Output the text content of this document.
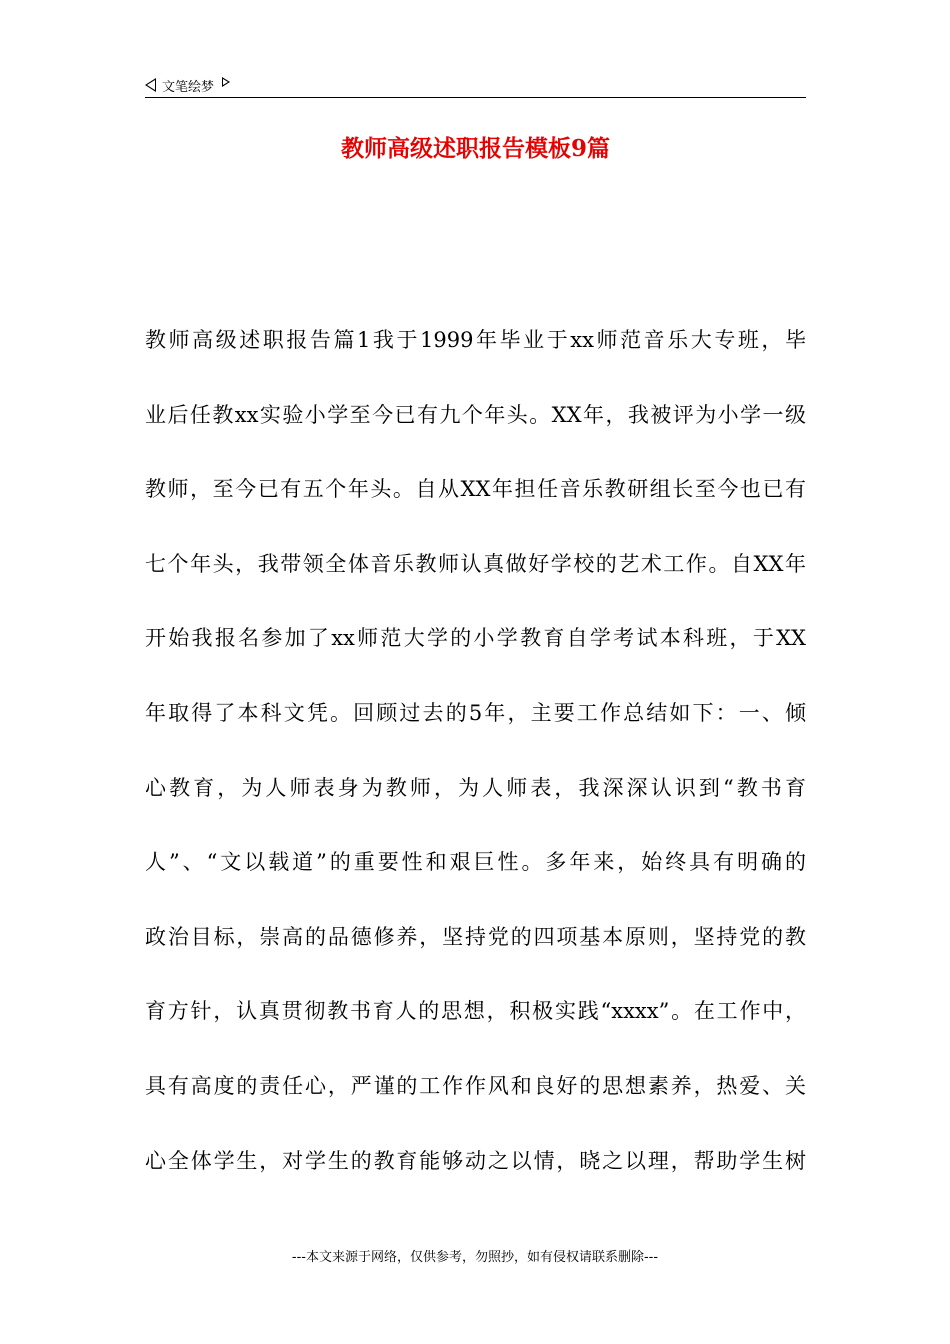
文笔绘梦
教师高级述职报告模板9篇
教师高级述职报告篇1我于1999年毕业于xx师范音乐大专班，毕
业后任教xx实验小学至今已有九个年头。XX年，我被评为小学一级
教师，至今已有五个年头。自从XX年担任音乐教研组长至今也已有
七个年头，我带领全体音乐教师认真做好学校的艺术工作。自XX年
开始我报名参加了xx师范大学的小学教育自学考试本科班，于XX
年取得了本科文凭。回顾过去的5年，主要工作总结如下：一、倾
心教育，为人师表身为教师，为人师表，我深深认识到“教书育
人”、“文以载道”的重要性和艰巨性。多年来，始终具有明确的
政治目标，崇高的品德修养，坚持党的四项基本原则，坚持党的教
育方针，认真贯彻教书育人的思想，积极实践“xxxx”。在工作中，
具有高度的责任心，严谨的工作作风和良好的思想素养，热爱、关
心全体学生，对学生的教育能够动之以情，晓之以理，帮助学生树
---本文来源于网络，仅供参考，勿照抄，如有侵权请联系删除---
